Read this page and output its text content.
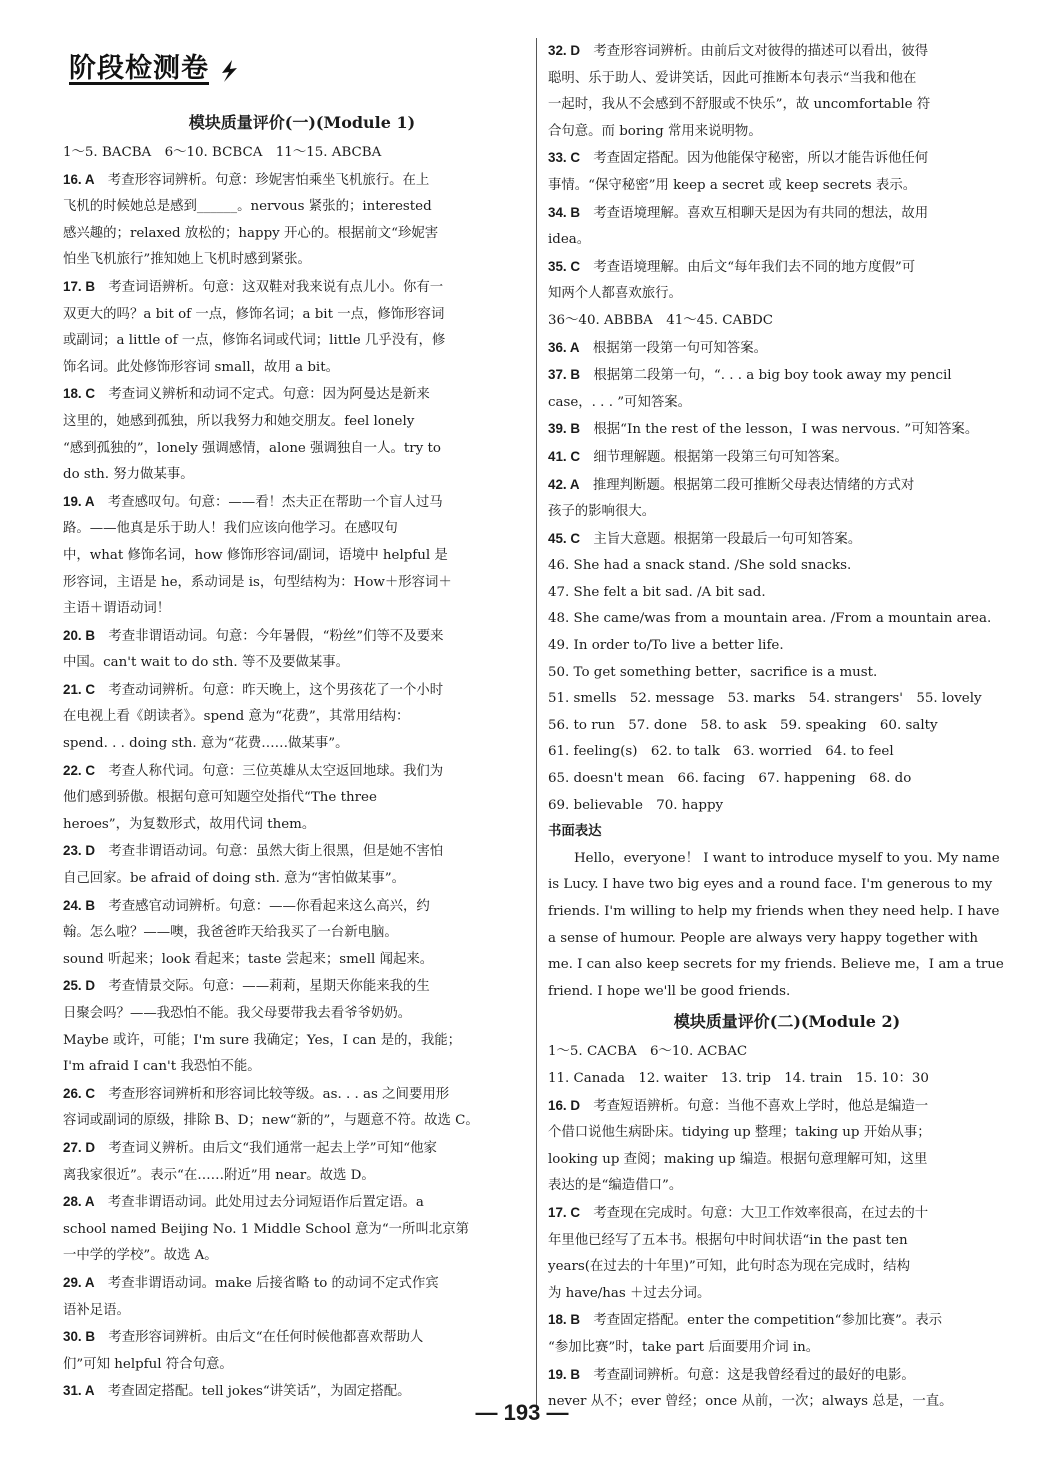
阶段检测卷
模块质量评价(一)(Module 1)
1～5. BACBA　6～10. BCBCA　11～15. ABCBA
16. A　考查形容词辨析。句意：珍妮害怕乘坐飞机旅行。在上
飞机的时候她总是感到______。nervous 紧张的；interested
感兴趣的；relaxed 放松的；happy 开心的。根据前文“珍妮害
怕坐飞机旅行”推知她上飞机时感到紧张。
17. B　考查词语辨析。句意：这双鞋对我来说有点儿小。你有一
双更大的吗？a bit of 一点，修饰名词；a bit 一点，修饰形容词
或副词；a little of 一点，修饰名词或代词；little 几乎没有，修
饰名词。此处修饰形容词 small，故用 a bit。
18. C　考查词义辨析和动词不定式。句意：因为阿曼达是新来
这里的，她感到孤独，所以我努力和她交朋友。feel lonely
“感到孤独的”，lonely 强调感情，alone 强调独自一人。try to
do sth. 努力做某事。
19. A　考查感叹句。句意：——看！杰夫正在帮助一个盲人过马
路。——他真是乐于助人！我们应该向他学习。在感叹句
中，what 修饰名词，how 修饰形容词/副词，语境中 helpful 是
形容词，主语是 he，系动词是 is，句型结构为：How＋形容词＋
主语＋谓语动词！
20. B　考查非谓语动词。句意：今年暑假，“粉丝”们等不及要来
中国。can't wait to do sth. 等不及要做某事。
21. C　考查动词辨析。句意：昨天晚上，这个男孩花了一个小时
在电视上看《朗读者》。spend 意为“花费”，其常用结构：
spend. . . doing sth. 意为“花费……做某事”。
22. C　考查人称代词。句意：三位英雄从太空返回地球。我们为
他们感到骄傲。根据句意可知题空处指代“The three
heroes”，为复数形式，故用代词 them。
23. D　考查非谓语动词。句意：虽然大街上很黑，但是她不害怕
自己回家。be afraid of doing sth. 意为“害怕做某事”。
24. B　考查感官动词辨析。句意：——你看起来这么高兴，约
翰。怎么啦？——噢，我爸爸昨天给我买了一台新电脑。
sound 听起来；look 看起来；taste 尝起来；smell 闻起来。
25. D　考查情景交际。句意：——莉莉，星期天你能来我的生
日聚会吗？——我恐怕不能。我父母要带我去看爷爷奶奶。
Maybe 或许，可能；I'm sure 我确定；Yes，I can 是的，我能；
I'm afraid I can't 我恐怕不能。
26. C　考查形容词辨析和形容词比较等级。as. . . as 之间要用形
容词或副词的原级，排除 B、D；new“新的”，与题意不符。故选 C。
27. D　考查词义辨析。由后文“我们通常一起去上学”可知“他家
离我家很近”。表示“在……附近”用 near。故选 D。
28. A　考查非谓语动词。此处用过去分词短语作后置定语。a
school named Beijing No. 1 Middle School 意为“一所叫北京第
一中学的学校”。故选 A。
29. A　考查非谓语动词。make 后接省略 to 的动词不定式作宾
语补足语。
30. B　考查形容词辨析。由后文“在任何时候他都喜欢帮助人
们”可知 helpful 符合句意。
31. A　考查固定搭配。tell jokes“讲笑话”，为固定搭配。
32. D　考查形容词辨析。由前后文对彼得的描述可以看出，彼得
聪明、乐于助人、爱讲笑话，因此可推断本句表示“当我和他在
一起时，我从不会感到不舒服或不快乐”，故 uncomfortable 符
合句意。而 boring 常用来说明物。
33. C　考查固定搭配。因为他能保守秘密，所以才能告诉他任何
事情。“保守秘密”用 keep a secret 或 keep secrets 表示。
34. B　考查语境理解。喜欢互相聊天是因为有共同的想法，故用
idea。
35. C　考查语境理解。由后文“每年我们去不同的地方度假”可
知两个人都喜欢旅行。
36～40. ABBBA　41～45. CABDC
36. A　根据第一段第一句可知答案。
37. B　根据第二段第一句，“. . . a big boy took away my pencil
case，. . . ”可知答案。
39. B　根据“In the rest of the lesson，I was nervous. ”可知答案。
41. C　细节理解题。根据第一段第三句可知答案。
42. A　推理判断题。根据第二段可推断父母表达情绪的方式对
孩子的影响很大。
45. C　主旨大意题。根据第一段最后一句可知答案。
46. She had a snack stand. /She sold snacks.
47. She felt a bit sad. /A bit sad.
48. She came/was from a mountain area. /From a mountain area.
49. In order to/To live a better life.
50. To get something better，sacrifice is a must.
51. smells　52. message　53. marks　54. strangers'　55. lovely
56. to run　57. done　58. to ask　59. speaking　60. salty
61. feeling(s)　62. to talk　63. worried　64. to feel
65. doesn't mean　66. facing　67. happening　68. do
69. believable　70. happy
书面表达
Hello，everyone！ I want to introduce myself to you. My name
is Lucy. I have two big eyes and a round face. I'm generous to my
friends. I'm willing to help my friends when they need help. I have
a sense of humour. People are always very happy together with
me. I can also keep secrets for my friends. Believe me，I am a true
friend. I hope we'll be good friends.
模块质量评价(二)(Module 2)
1～5. CACBA　6～10. ACBAC
11. Canada　12. waiter　13. trip　14. train　15. 10：30
16. D　考查短语辨析。句意：当他不喜欢上学时，他总是编造一
个借口说他生病卧床。tidying up 整理；taking up 开始从事；
looking up 查阅；making up 编造。根据句意理解可知，这里
表达的是“编造借口”。
17. C　考查现在完成时。句意：大卫工作效率很高，在过去的十
年里他已经写了五本书。根据句中时间状语“in the past ten
years(在过去的十年里)”可知，此句时态为现在完成时，结构
为 have/has ＋过去分词。
18. B　考查固定搭配。enter the competition“参加比赛”。表示
“参加比赛”时，take part 后面要用介词 in。
19. B　考查副词辨析。句意：这是我曾经看过的最好的电影。
never 从不；ever 曾经；once 从前，一次；always 总是，一直。
— 193 —
